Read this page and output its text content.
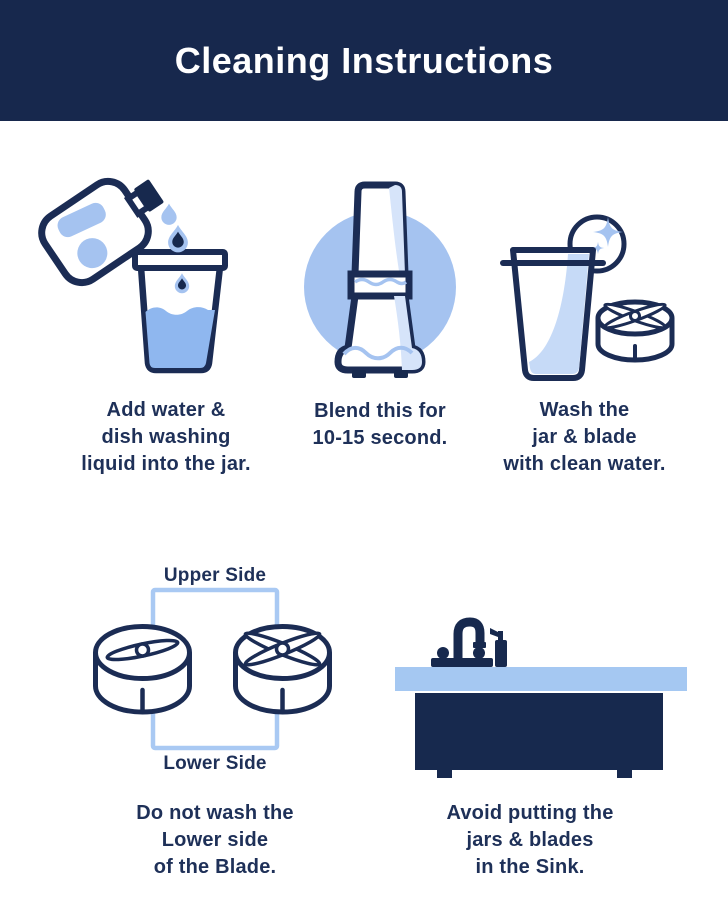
Cleaning Instructions
Add water &
dish washing
liquid into the jar.
Blend this for
10-15 second.
Wash the
jar & blade
with clean water.
Upper Side
Lower Side
Do not wash the
Lower side
of the Blade.
Avoid putting the
jars & blades
in the Sink.
